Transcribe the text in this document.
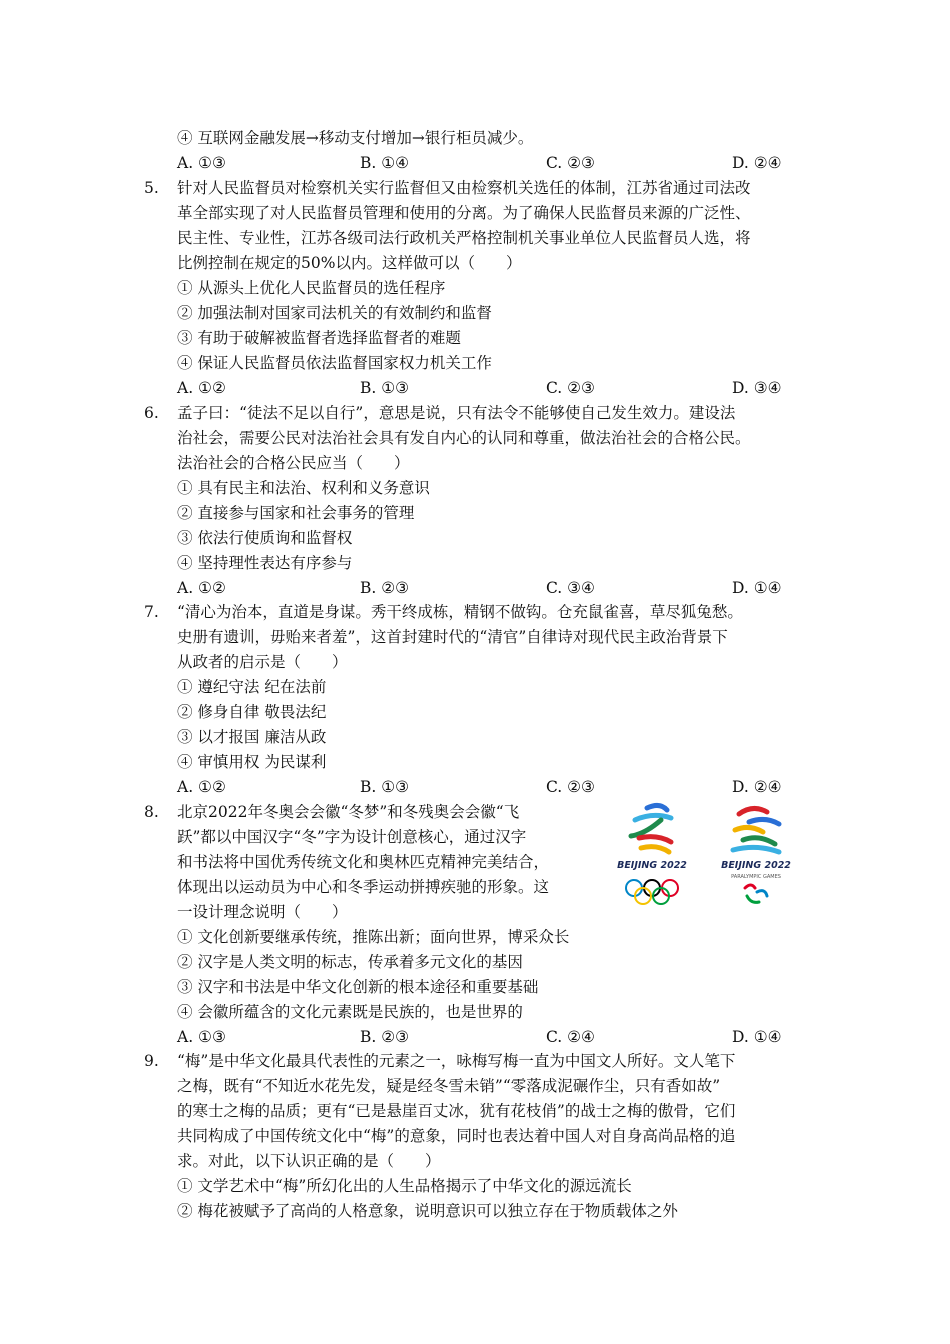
④ 互联网金融发展→移动支付增加→银行柜员减少。
A. ①③	B. ①④	C. ②③	D. ②④
5. 针对人民监督员对检察机关实行监督但又由检察机关选任的体制，江苏省通过司法改
革全部实现了对人民监督员管理和使用的分离。为了确保人民监督员来源的广泛性、
民主性、专业性，江苏各级司法行政机关严格控制机关事业单位人民监督员人选，将
比例控制在规定的50%以内。这样做可以（　　）
① 从源头上优化人民监督员的选任程序
② 加强法制对国家司法机关的有效制约和监督
③ 有助于破解被监督者选择监督者的难题
④ 保证人民监督员依法监督国家权力机关工作
A. ①②	B. ①③	C. ②③	D. ③④
6. 孟子曰：“徒法不足以自行”，意思是说，只有法令不能够使自己发生效力。建设法
治社会，需要公民对法治社会具有发自内心的认同和尊重，做法治社会的合格公民。
法治社会的合格公民应当（　　）
① 具有民主和法治、权利和义务意识
② 直接参与国家和社会事务的管理
③ 依法行使质询和监督权
④ 坚持理性表达有序参与
A. ①②	B. ②③	C. ③④	D. ①④
7. “清心为治本，直道是身谋。秀干终成栋，精钢不做钩。仓充鼠雀喜，草尽狐兔愁。
史册有遗训，毋贻来者羞”，这首封建时代的“清官”自律诗对现代民主政治背景下
从政者的启示是（　　）
① 遵纪守法 纪在法前
② 修身自律 敬畏法纪
③ 以才报国 廉洁从政
④ 审慎用权 为民谋利
A. ①②	B. ①③	C. ②③	D. ②④
8. 北京2022年冬奥会会徽“冬梦”和冬残奥会会徽“飞
跃”都以中国汉字“冬”字为设计创意核心，通过汉字
和书法将中国优秀传统文化和奥林匹克精神完美结合，
体现出以运动员为中心和冬季运动拼搏疾驰的形象。这
一设计理念说明（　　）
BEIJING 2022	BEIJING 2022
PARALYMPIC GAMES
① 文化创新要继承传统，推陈出新；面向世界，博采众长
② 汉字是人类文明的标志，传承着多元文化的基因
③ 汉字和书法是中华文化创新的根本途径和重要基础
④ 会徽所蕴含的文化元素既是民族的，也是世界的
A. ①③	B. ②③	C. ②④	D. ①④
9. “梅”是中华文化最具代表性的元素之一，咏梅写梅一直为中国文人所好。文人笔下
之梅，既有“不知近水花先发，疑是经冬雪未销”“零落成泥碾作尘，只有香如故”
的寒士之梅的品质；更有“已是悬崖百丈冰，犹有花枝俏”的战士之梅的傲骨，它们
共同构成了中国传统文化中“梅”的意象，同时也表达着中国人对自身高尚品格的追
求。对此，以下认识正确的是（　　）
① 文学艺术中“梅”所幻化出的人生品格揭示了中华文化的源远流长
② 梅花被赋予了高尚的人格意象，说明意识可以独立存在于物质载体之外
